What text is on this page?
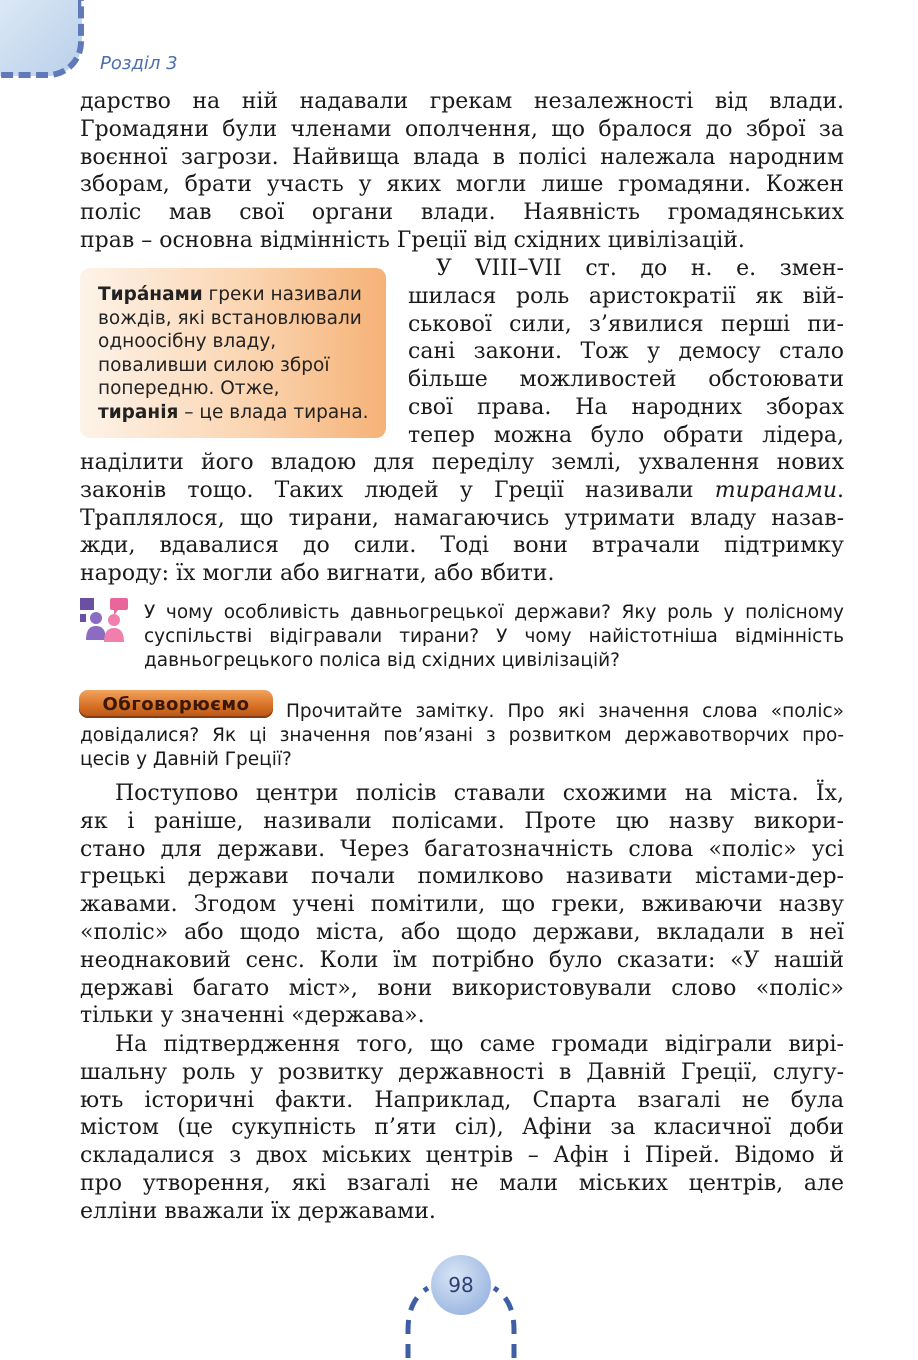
Розділ 3
дарство на ній надавали грекам незалежності від влади.
Громадяни були членами ополчення, що бралося до зброї за
воєнної загрози. Найвища влада в полісі належала народним
зборам, брати участь у яких могли лише громадяни. Кожен
поліс мав свої органи влади. Наявність громадянських
прав – основна відмінність Греції від східних цивілізацій.
Тира́нами греки називали
вождів, які встановлювали
одноосібну владу,
поваливши силою зброї
попередню. Отже,
тиранія – це влада тирана.
У VIII–VII ст. до н. е. змен-
шилася роль аристократії як вій-
ськової сили, з’явилися перші пи-
сані закони. Тож у демосу стало
більше можливостей обстоювати
свої права. На народних зборах
тепер можна було обрати лідера,
наділити його владою для переділу землі, ухвалення нових
законів тощо. Таких людей у Греції називали тиранами.
Траплялося, що тирани, намагаючись утримати владу назав-
жди, вдавалися до сили. Тоді вони втрачали підтримку
народу: їх могли або вигнати, або вбити.
У чому особливість давньогрецької держави? Яку роль у полісному
суспільстві відігравали тирани? У чому найістотніша відмінність
давньогрецького поліса від східних цивілізацій?
Прочитайте замітку. Про які значення слова «поліс»
довідалися? Як ці значення пов’язані з розвитком державотворчих про-
цесів у Давній Греції?
Обговорюємо
Поступово центри полісів ставали схожими на міста. Їх,
як і раніше, називали полісами. Проте цю назву викори-
стано для держави. Через багатозначність слова «поліс» усі
грецькі держави почали помилково називати містами-дер-
жавами. Згодом учені помітили, що греки, вживаючи назву
«поліс» або щодо міста, або щодо держави, вкладали в неї
неоднаковий сенс. Коли їм потрібно було сказати: «У нашій
державі багато міст», вони використовували слово «поліс»
тільки у значенні «держава».
На підтвердження того, що саме громади відіграли вирі-
шальну роль у розвитку державності в Давній Греції, слугу-
ють історичні факти. Наприклад, Спарта взагалі не була
містом (це сукупність п’яти сіл), Афіни за класичної доби
складалися з двох міських центрів – Афін і Пірей. Відомо й
про утворення, які взагалі не мали міських центрів, але
елліни вважали їх державами.
98
